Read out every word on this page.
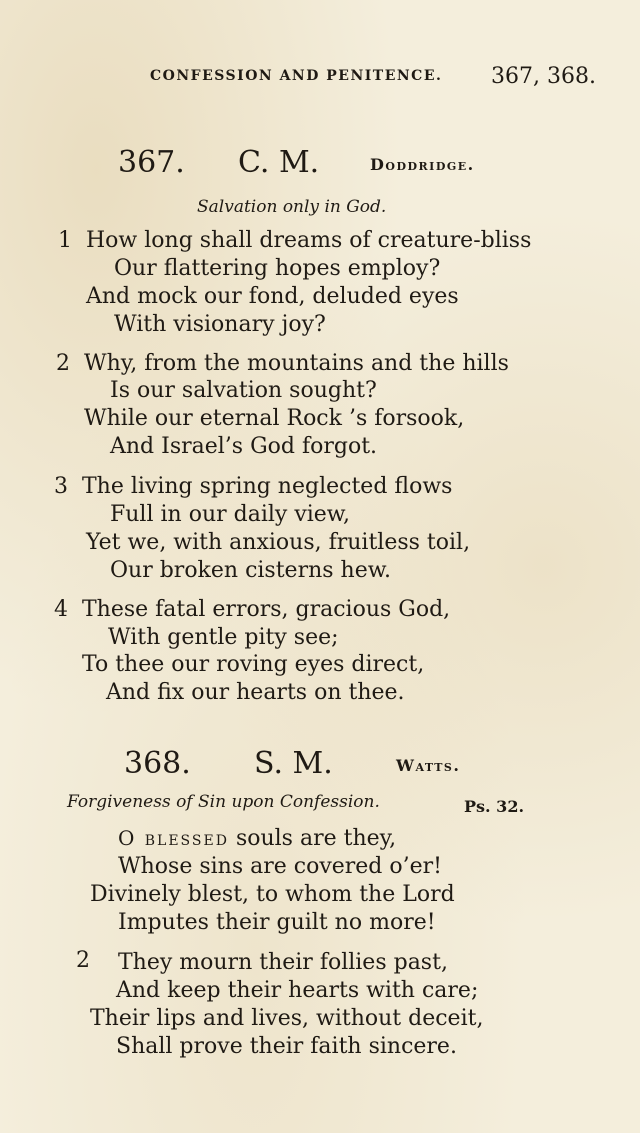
CONFESSION AND PENITENCE. 367, 368.
367. C. M.	Doddridge.
Salvation only in God.
1 How long shall dreams of creature-bliss
Our flattering hopes employ?
And mock our fond, deluded eyes
With visionary joy?
2 Why, from the mountains and the hills
Is our salvation sought?
While our eternal Rock ’s forsook,
And Israel’s God forgot.
3 The living spring neglected flows
Full in our daily view,
Yet we, with anxious, fruitless toil,
Our broken cisterns hew.
4 These fatal errors, gracious God,
With gentle pity see;
To thee our roving eyes direct,
And fix our hearts on thee.
368. S. M.	Watts.
Forgiveness of Sin upon Confession.	Ps. 32.
O blessed souls are they,
Whose sins are covered o’er!
Divinely blest, to whom the Lord
Imputes their guilt no more!
2 They mourn their follies past,
And keep their hearts with care;
Their lips and lives, without deceit,
Shall prove their faith sincere.
